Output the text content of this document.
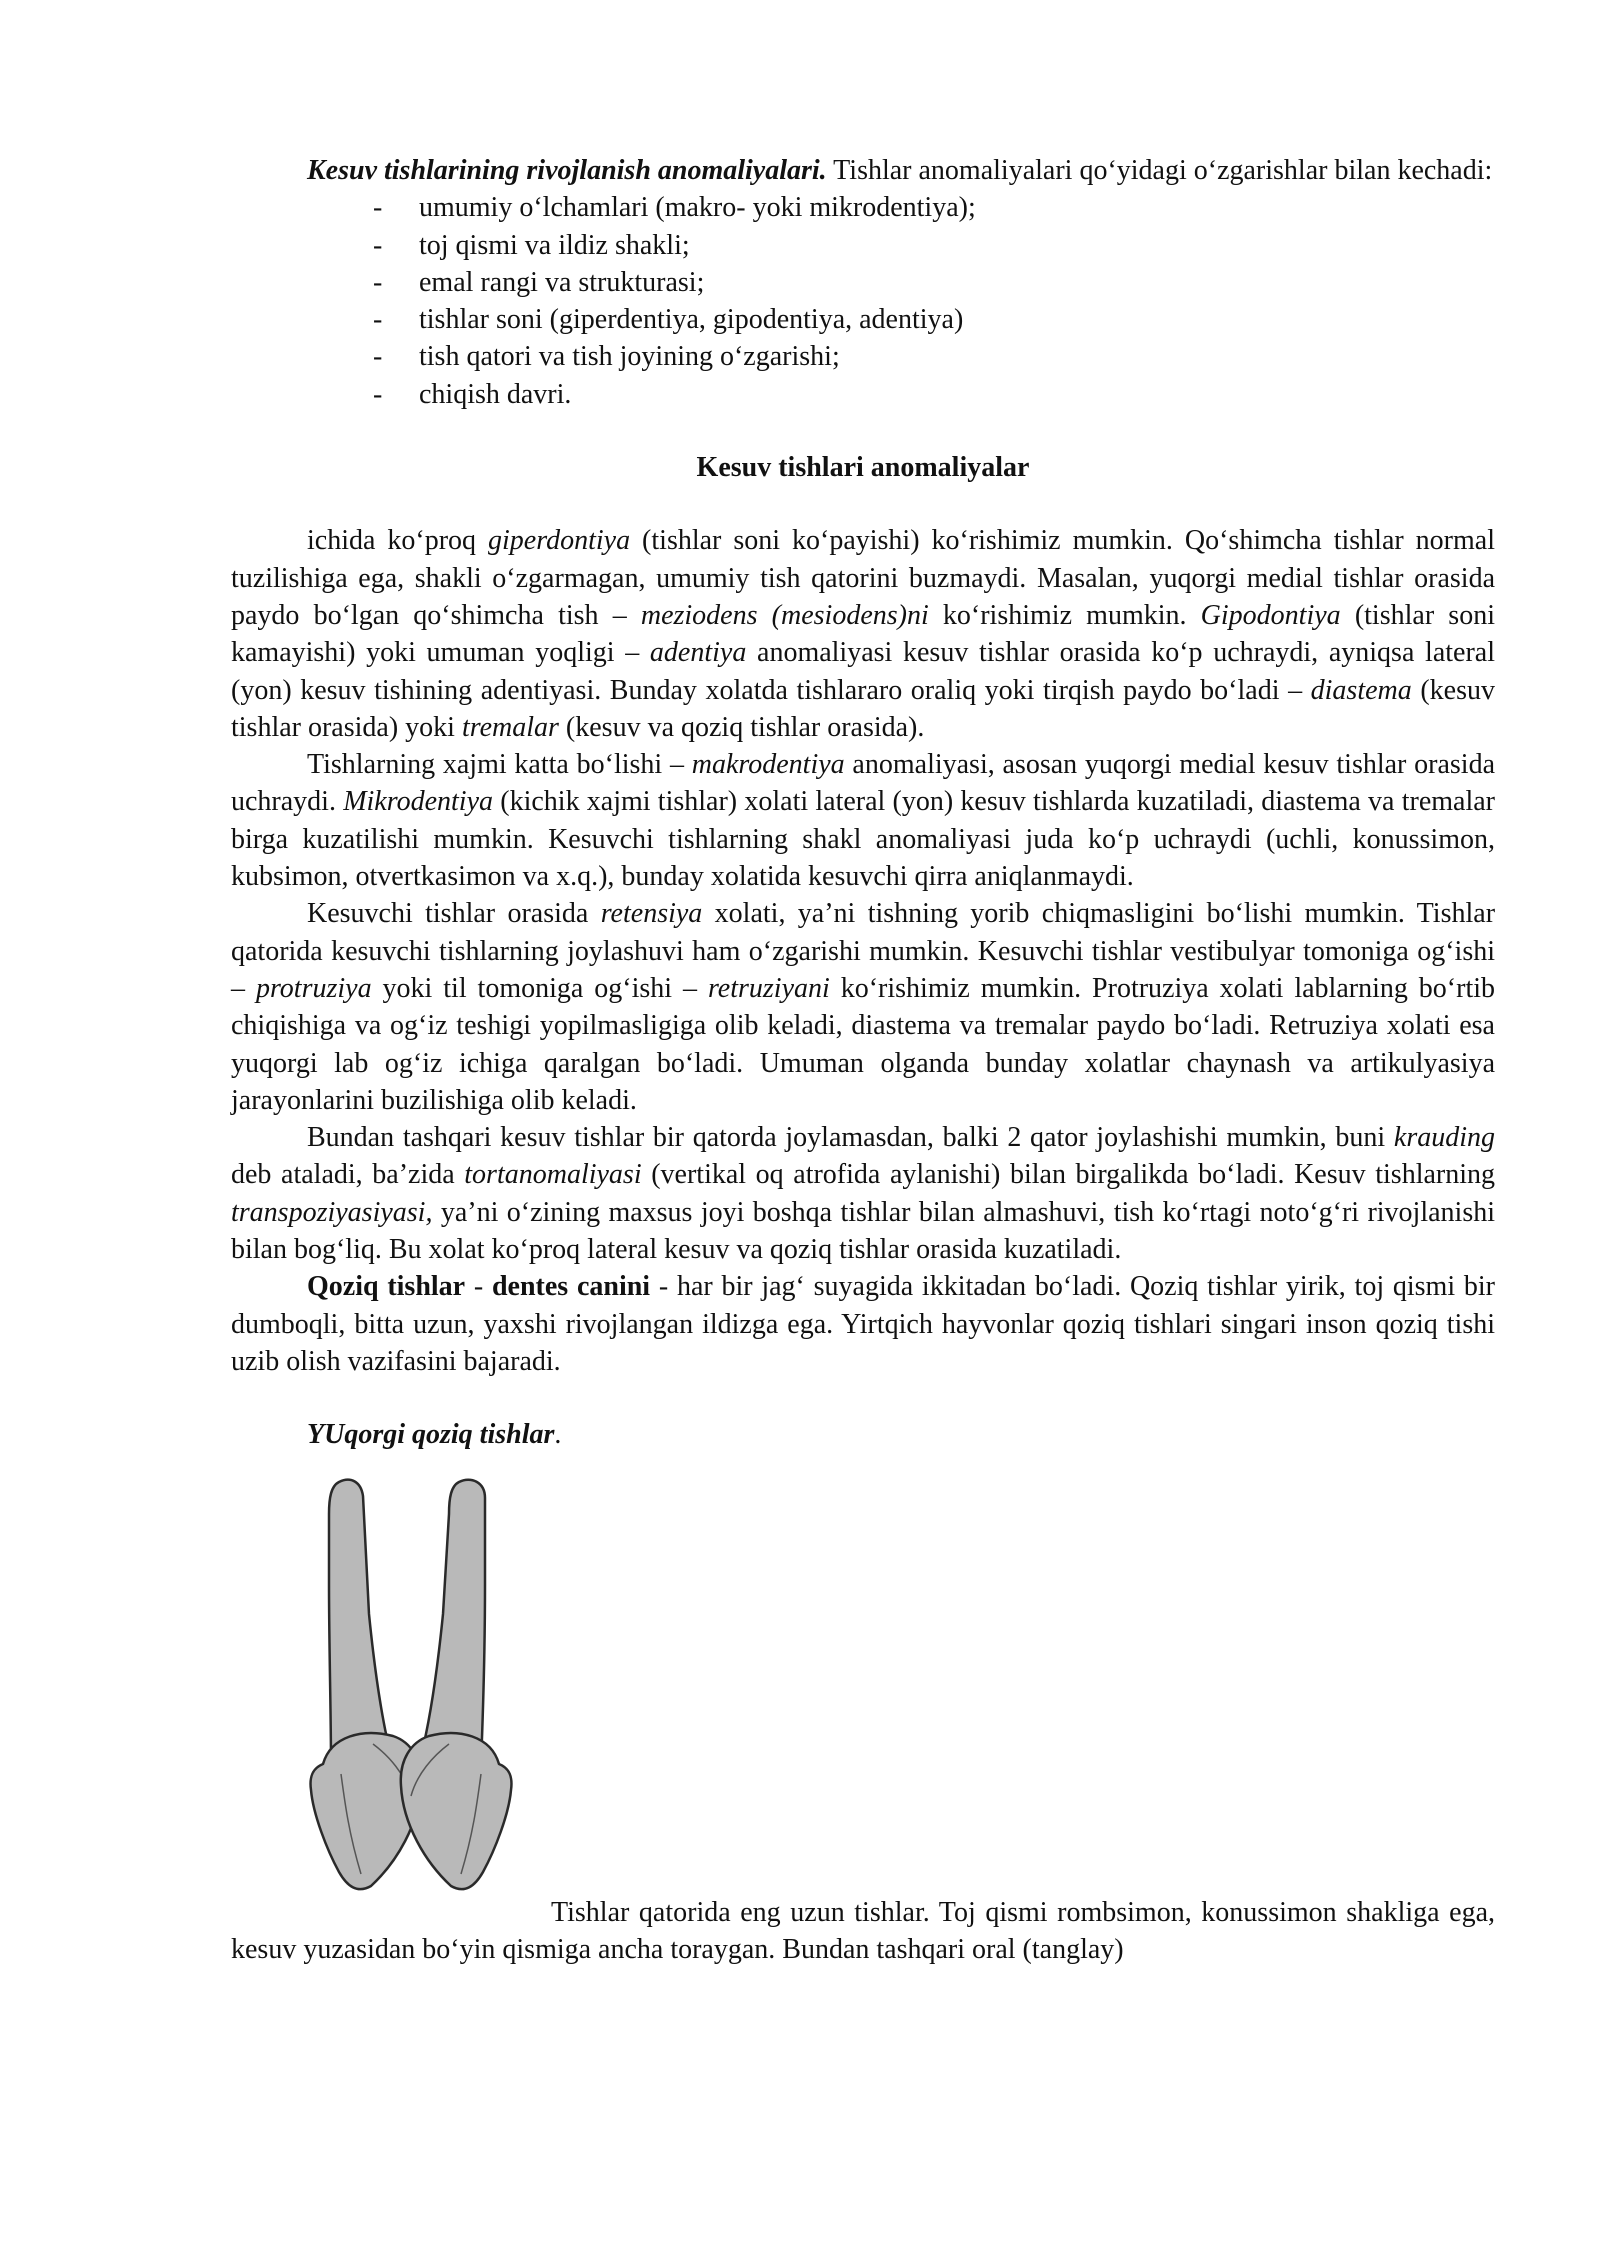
Kesuv tishlarining rivojlanish anomaliyalari. Tishlar anomaliyalari qo‘yidagi o‘zgarishlar bilan kechadi:

- umumiy o‘lchamlari (makro- yoki mikrodentiya);
- toj qismi va ildiz shakli;
- emal rangi va strukturasi;
- tishlar soni (giperdentiya, gipodentiya, adentiya)
- tish qatori va tish joyining o‘zgarishi;
- chiqish davri.
Kesuv tishlari anomaliyalar

ichida ko‘proq giperdontiya (tishlar soni ko‘payishi) ko‘rishimiz mumkin. Qo‘shimcha tishlar normal tuzilishiga ega, shakli o‘zgarmagan, umumiy tish qatorini buzmaydi. Masalan, yuqorgi medial tishlar orasida paydo bo‘lgan qo‘shimcha tish – meziodens (mesiodens)ni ko‘rishimiz mumkin. Gipodontiya (tishlar soni kamayishi) yoki umuman yoqligi – adentiya anomaliyasi kesuv tishlar orasida ko‘p uchraydi, ayniqsa lateral (yon) kesuv tishining adentiyasi. Bunday xolatda tishlararo oraliq yoki tirqish paydo bo‘ladi – diastema (kesuv tishlar orasida) yoki tremalar (kesuv va qoziq tishlar orasida).

Tishlarning xajmi katta bo‘lishi – makrodentiya anomaliyasi, asosan yuqorgi medial kesuv tishlar orasida uchraydi. Mikrodentiya (kichik xajmi tishlar) xolati lateral (yon) kesuv tishlarda kuzatiladi, diastema va tremalar birga kuzatilishi mumkin. Kesuvchi tishlarning shakl anomaliyasi juda ko‘p uchraydi (uchli, konussimon, kubsimon, otvertkasimon va x.q.), bunday xolatida kesuvchi qirra aniqlanmaydi.

Kesuvchi tishlar orasida retensiya xolati, ya’ni tishning yorib chiqmasligini bo‘lishi mumkin. Tishlar qatorida kesuvchi tishlarning joylashuvi ham o‘zgarishi mumkin. Kesuvchi tishlar vestibulyar tomoniga og‘ishi – protruziya yoki til tomoniga og‘ishi – retruziyani ko‘rishimiz mumkin. Protruziya xolati lablarning bo‘rtib chiqishiga va og‘iz teshigi yopilmasligiga olib keladi, diastema va tremalar paydo bo‘ladi. Retruziya xolati esa yuqorgi lab og‘iz ichiga qaralgan bo‘ladi. Umuman olganda bunday xolatlar chaynash va artikulyasiya jarayonlarini buzilishiga olib keladi.

Bundan tashqari kesuv tishlar bir qatorda joylamasdan, balki 2 qator joylashishi mumkin, buni krauding deb ataladi, ba’zida tortanomaliyasi (vertikal oq atrofida aylanishi) bilan birgalikda bo‘ladi. Kesuv tishlarning transpoziyasiyasi, ya’ni o‘zining maxsus joyi boshqa tishlar bilan almashuvi, tish ko‘rtagi noto‘g‘ri rivojlanishi bilan bog‘liq. Bu xolat ko‘proq lateral kesuv va qoziq tishlar orasida kuzatiladi.

Qoziq tishlar - dentes canini - har bir jag‘ suyagida ikkitadan bo‘ladi. Qoziq tishlar yirik, toj qismi bir dumboqli, bitta uzun, yaxshi rivojlangan ildizga ega. Yirtqich hayvonlar qoziq tishlari singari inson qoziq tishi uzib olish vazifasini bajaradi.

YUqorgi qoziq tishlar.

Tishlar qatorida eng uzun tishlar. Toj qismi rombsimon, konussimon shakliga ega, kesuv yuzasidan bo‘yin qismiga ancha toraygan. Bundan tashqari oral (tanglay)
